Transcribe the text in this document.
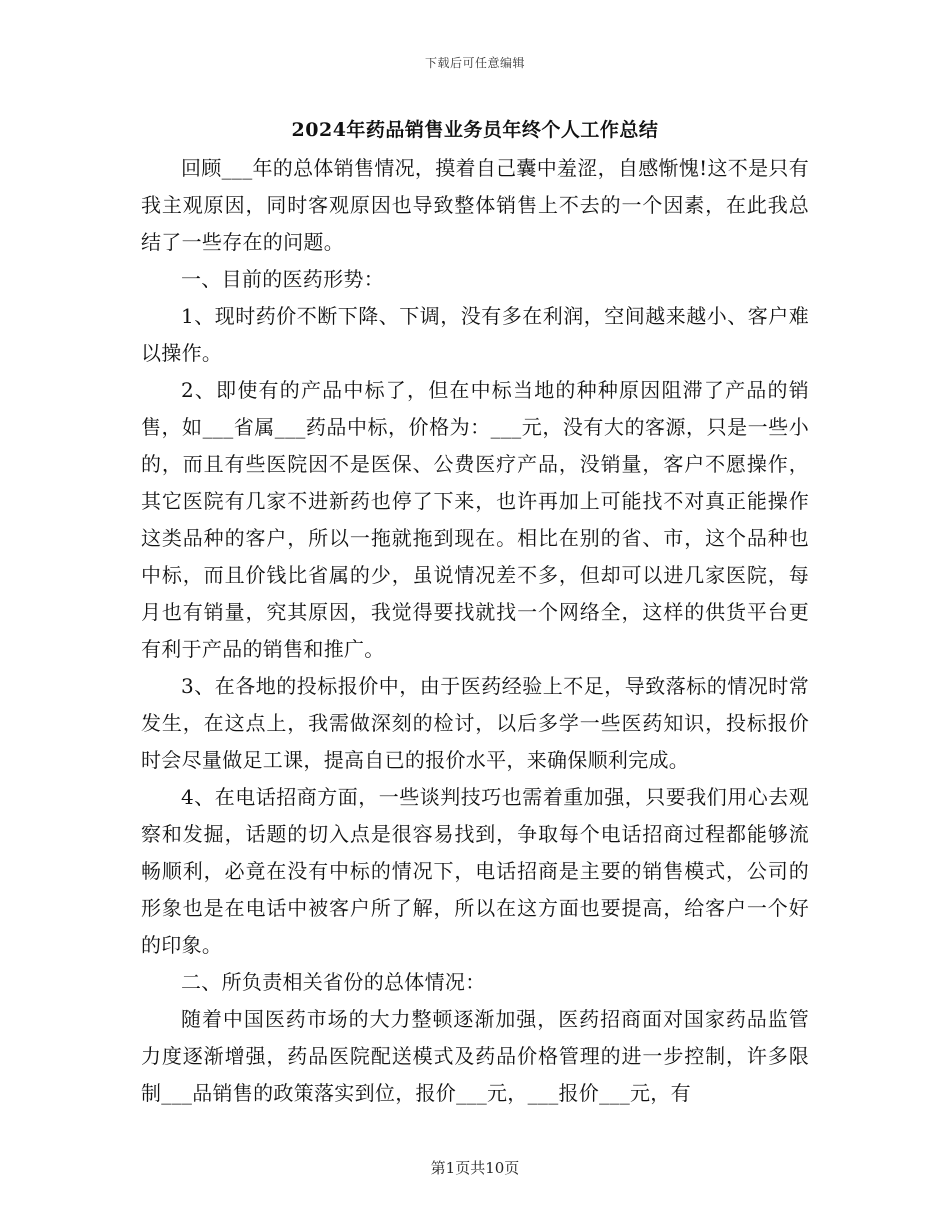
下载后可任意编辑
2024年药品销售业务员年终个人工作总结

回顾___年的总体销售情况，摸着自己囊中羞涩，自感惭愧!这不是只有我主观原因，同时客观原因也导致整体销售上不去的一个因素，在此我总结了一些存在的问题。

一、目前的医药形势：

1、现时药价不断下降、下调，没有多在利润，空间越来越小、客户难以操作。

2、即使有的产品中标了，但在中标当地的种种原因阻滞了产品的销售，如___省属___药品中标，价格为：___元，没有大的客源，只是一些小的，而且有些医院因不是医保、公费医疗产品，没销量，客户不愿操作，其它医院有几家不进新药也停了下来，也许再加上可能找不对真正能操作这类品种的客户，所以一拖就拖到现在。相比在别的省、市，这个品种也中标，而且价钱比省属的少，虽说情况差不多，但却可以进几家医院，每月也有销量，究其原因，我觉得要找就找一个网络全，这样的供货平台更有利于产品的销售和推广。

3、在各地的投标报价中，由于医药经验上不足，导致落标的情况时常发生，在这点上，我需做深刻的检讨，以后多学一些医药知识，投标报价时会尽量做足工课，提高自已的报价水平，来确保顺利完成。

4、在电话招商方面，一些谈判技巧也需着重加强，只要我们用心去观察和发掘，话题的切入点是很容易找到，争取每个电话招商过程都能够流畅顺利，必竟在没有中标的情况下，电话招商是主要的销售模式，公司的形象也是在电话中被客户所了解，所以在这方面也要提高，给客户一个好的印象。

二、所负责相关省份的总体情况：

随着中国医药市场的大力整顿逐渐加强，医药招商面对国家药品监管力度逐渐增强，药品医院配送模式及药品价格管理的进一步控制，许多限制___品销售的政策落实到位，报价___元，___报价___元，有

第1页共10页
